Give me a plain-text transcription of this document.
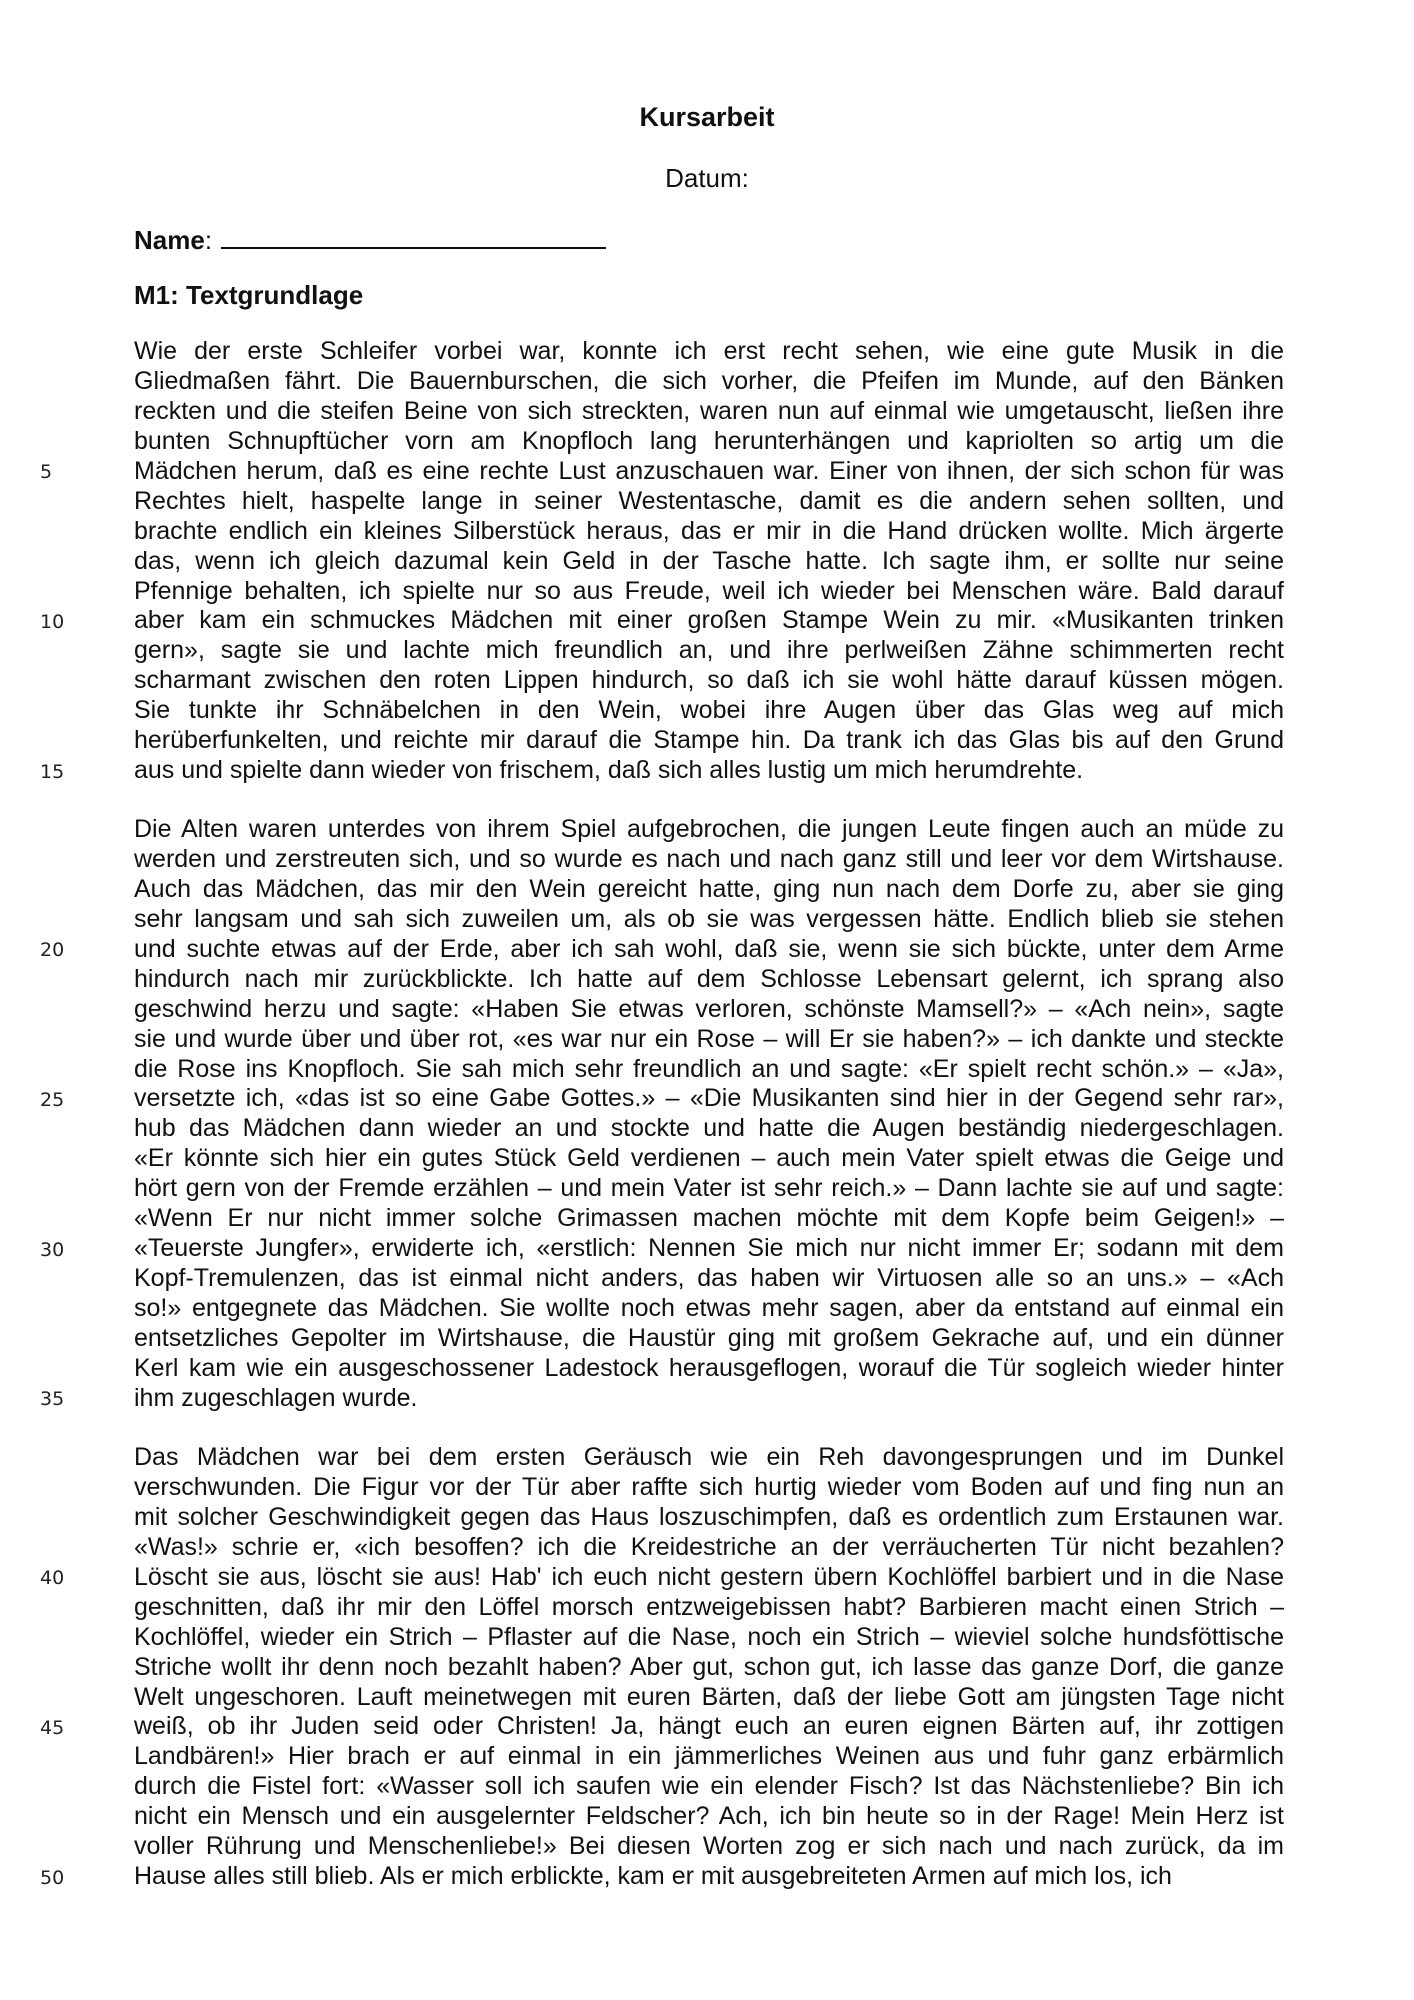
Kursarbeit
Datum:
Name:
M1: Textgrundlage
Wie der erste Schleifer vorbei war, konnte ich erst recht sehen, wie eine gute Musik in die
Gliedmaßen fährt. Die Bauernburschen, die sich vorher, die Pfeifen im Munde, auf den Bänken
reckten und die steifen Beine von sich streckten, waren nun auf einmal wie umgetauscht, ließen ihre
bunten Schnupftücher vorn am Knopfloch lang herunterhängen und kapriolten so artig um die
Mädchen herum, daß es eine rechte Lust anzuschauen war. Einer von ihnen, der sich schon für was
Rechtes hielt, haspelte lange in seiner Westentasche, damit es die andern sehen sollten, und
brachte endlich ein kleines Silberstück heraus, das er mir in die Hand drücken wollte. Mich ärgerte
das, wenn ich gleich dazumal kein Geld in der Tasche hatte. Ich sagte ihm, er sollte nur seine
Pfennige behalten, ich spielte nur so aus Freude, weil ich wieder bei Menschen wäre. Bald darauf
aber kam ein schmuckes Mädchen mit einer großen Stampe Wein zu mir. «Musikanten trinken
gern», sagte sie und lachte mich freundlich an, und ihre perlweißen Zähne schimmerten recht
scharmant zwischen den roten Lippen hindurch, so daß ich sie wohl hätte darauf küssen mögen.
Sie tunkte ihr Schnäbelchen in den Wein, wobei ihre Augen über das Glas weg auf mich
herüberfunkelten, und reichte mir darauf die Stampe hin. Da trank ich das Glas bis auf den Grund
aus und spielte dann wieder von frischem, daß sich alles lustig um mich herumdrehte.
Die Alten waren unterdes von ihrem Spiel aufgebrochen, die jungen Leute fingen auch an müde zu
werden und zerstreuten sich, und so wurde es nach und nach ganz still und leer vor dem Wirtshause.
Auch das Mädchen, das mir den Wein gereicht hatte, ging nun nach dem Dorfe zu, aber sie ging
sehr langsam und sah sich zuweilen um, als ob sie was vergessen hätte. Endlich blieb sie stehen
und suchte etwas auf der Erde, aber ich sah wohl, daß sie, wenn sie sich bückte, unter dem Arme
hindurch nach mir zurückblickte. Ich hatte auf dem Schlosse Lebensart gelernt, ich sprang also
geschwind herzu und sagte: «Haben Sie etwas verloren, schönste Mamsell?» – «Ach nein», sagte
sie und wurde über und über rot, «es war nur ein Rose – will Er sie haben?» – ich dankte und steckte
die Rose ins Knopfloch. Sie sah mich sehr freundlich an und sagte: «Er spielt recht schön.» – «Ja»,
versetzte ich, «das ist so eine Gabe Gottes.» – «Die Musikanten sind hier in der Gegend sehr rar»,
hub das Mädchen dann wieder an und stockte und hatte die Augen beständig niedergeschlagen.
«Er könnte sich hier ein gutes Stück Geld verdienen – auch mein Vater spielt etwas die Geige und
hört gern von der Fremde erzählen – und mein Vater ist sehr reich.» – Dann lachte sie auf und sagte:
«Wenn Er nur nicht immer solche Grimassen machen möchte mit dem Kopfe beim Geigen!» –
«Teuerste Jungfer», erwiderte ich, «erstlich: Nennen Sie mich nur nicht immer Er; sodann mit dem
Kopf-Tremulenzen, das ist einmal nicht anders, das haben wir Virtuosen alle so an uns.» – «Ach
so!» entgegnete das Mädchen. Sie wollte noch etwas mehr sagen, aber da entstand auf einmal ein
entsetzliches Gepolter im Wirtshause, die Haustür ging mit großem Gekrache auf, und ein dünner
Kerl kam wie ein ausgeschossener Ladestock herausgeflogen, worauf die Tür sogleich wieder hinter
ihm zugeschlagen wurde.
Das Mädchen war bei dem ersten Geräusch wie ein Reh davongesprungen und im Dunkel
verschwunden. Die Figur vor der Tür aber raffte sich hurtig wieder vom Boden auf und fing nun an
mit solcher Geschwindigkeit gegen das Haus loszuschimpfen, daß es ordentlich zum Erstaunen war.
«Was!» schrie er, «ich besoffen? ich die Kreidestriche an der verräucherten Tür nicht bezahlen?
Löscht sie aus, löscht sie aus! Hab' ich euch nicht gestern übern Kochlöffel barbiert und in die Nase
geschnitten, daß ihr mir den Löffel morsch entzweigebissen habt? Barbieren macht einen Strich –
Kochlöffel, wieder ein Strich – Pflaster auf die Nase, noch ein Strich – wieviel solche hundsföttische
Striche wollt ihr denn noch bezahlt haben? Aber gut, schon gut, ich lasse das ganze Dorf, die ganze
Welt ungeschoren. Lauft meinetwegen mit euren Bärten, daß der liebe Gott am jüngsten Tage nicht
weiß, ob ihr Juden seid oder Christen! Ja, hängt euch an euren eignen Bärten auf, ihr zottigen
Landbären!» Hier brach er auf einmal in ein jämmerliches Weinen aus und fuhr ganz erbärmlich
durch die Fistel fort: «Wasser soll ich saufen wie ein elender Fisch? Ist das Nächstenliebe? Bin ich
nicht ein Mensch und ein ausgelernter Feldscher? Ach, ich bin heute so in der Rage! Mein Herz ist
voller Rührung und Menschenliebe!» Bei diesen Worten zog er sich nach und nach zurück, da im
Hause alles still blieb. Als er mich erblickte, kam er mit ausgebreiteten Armen auf mich los, ich
5
10
15
20
25
30
35
40
45
50
